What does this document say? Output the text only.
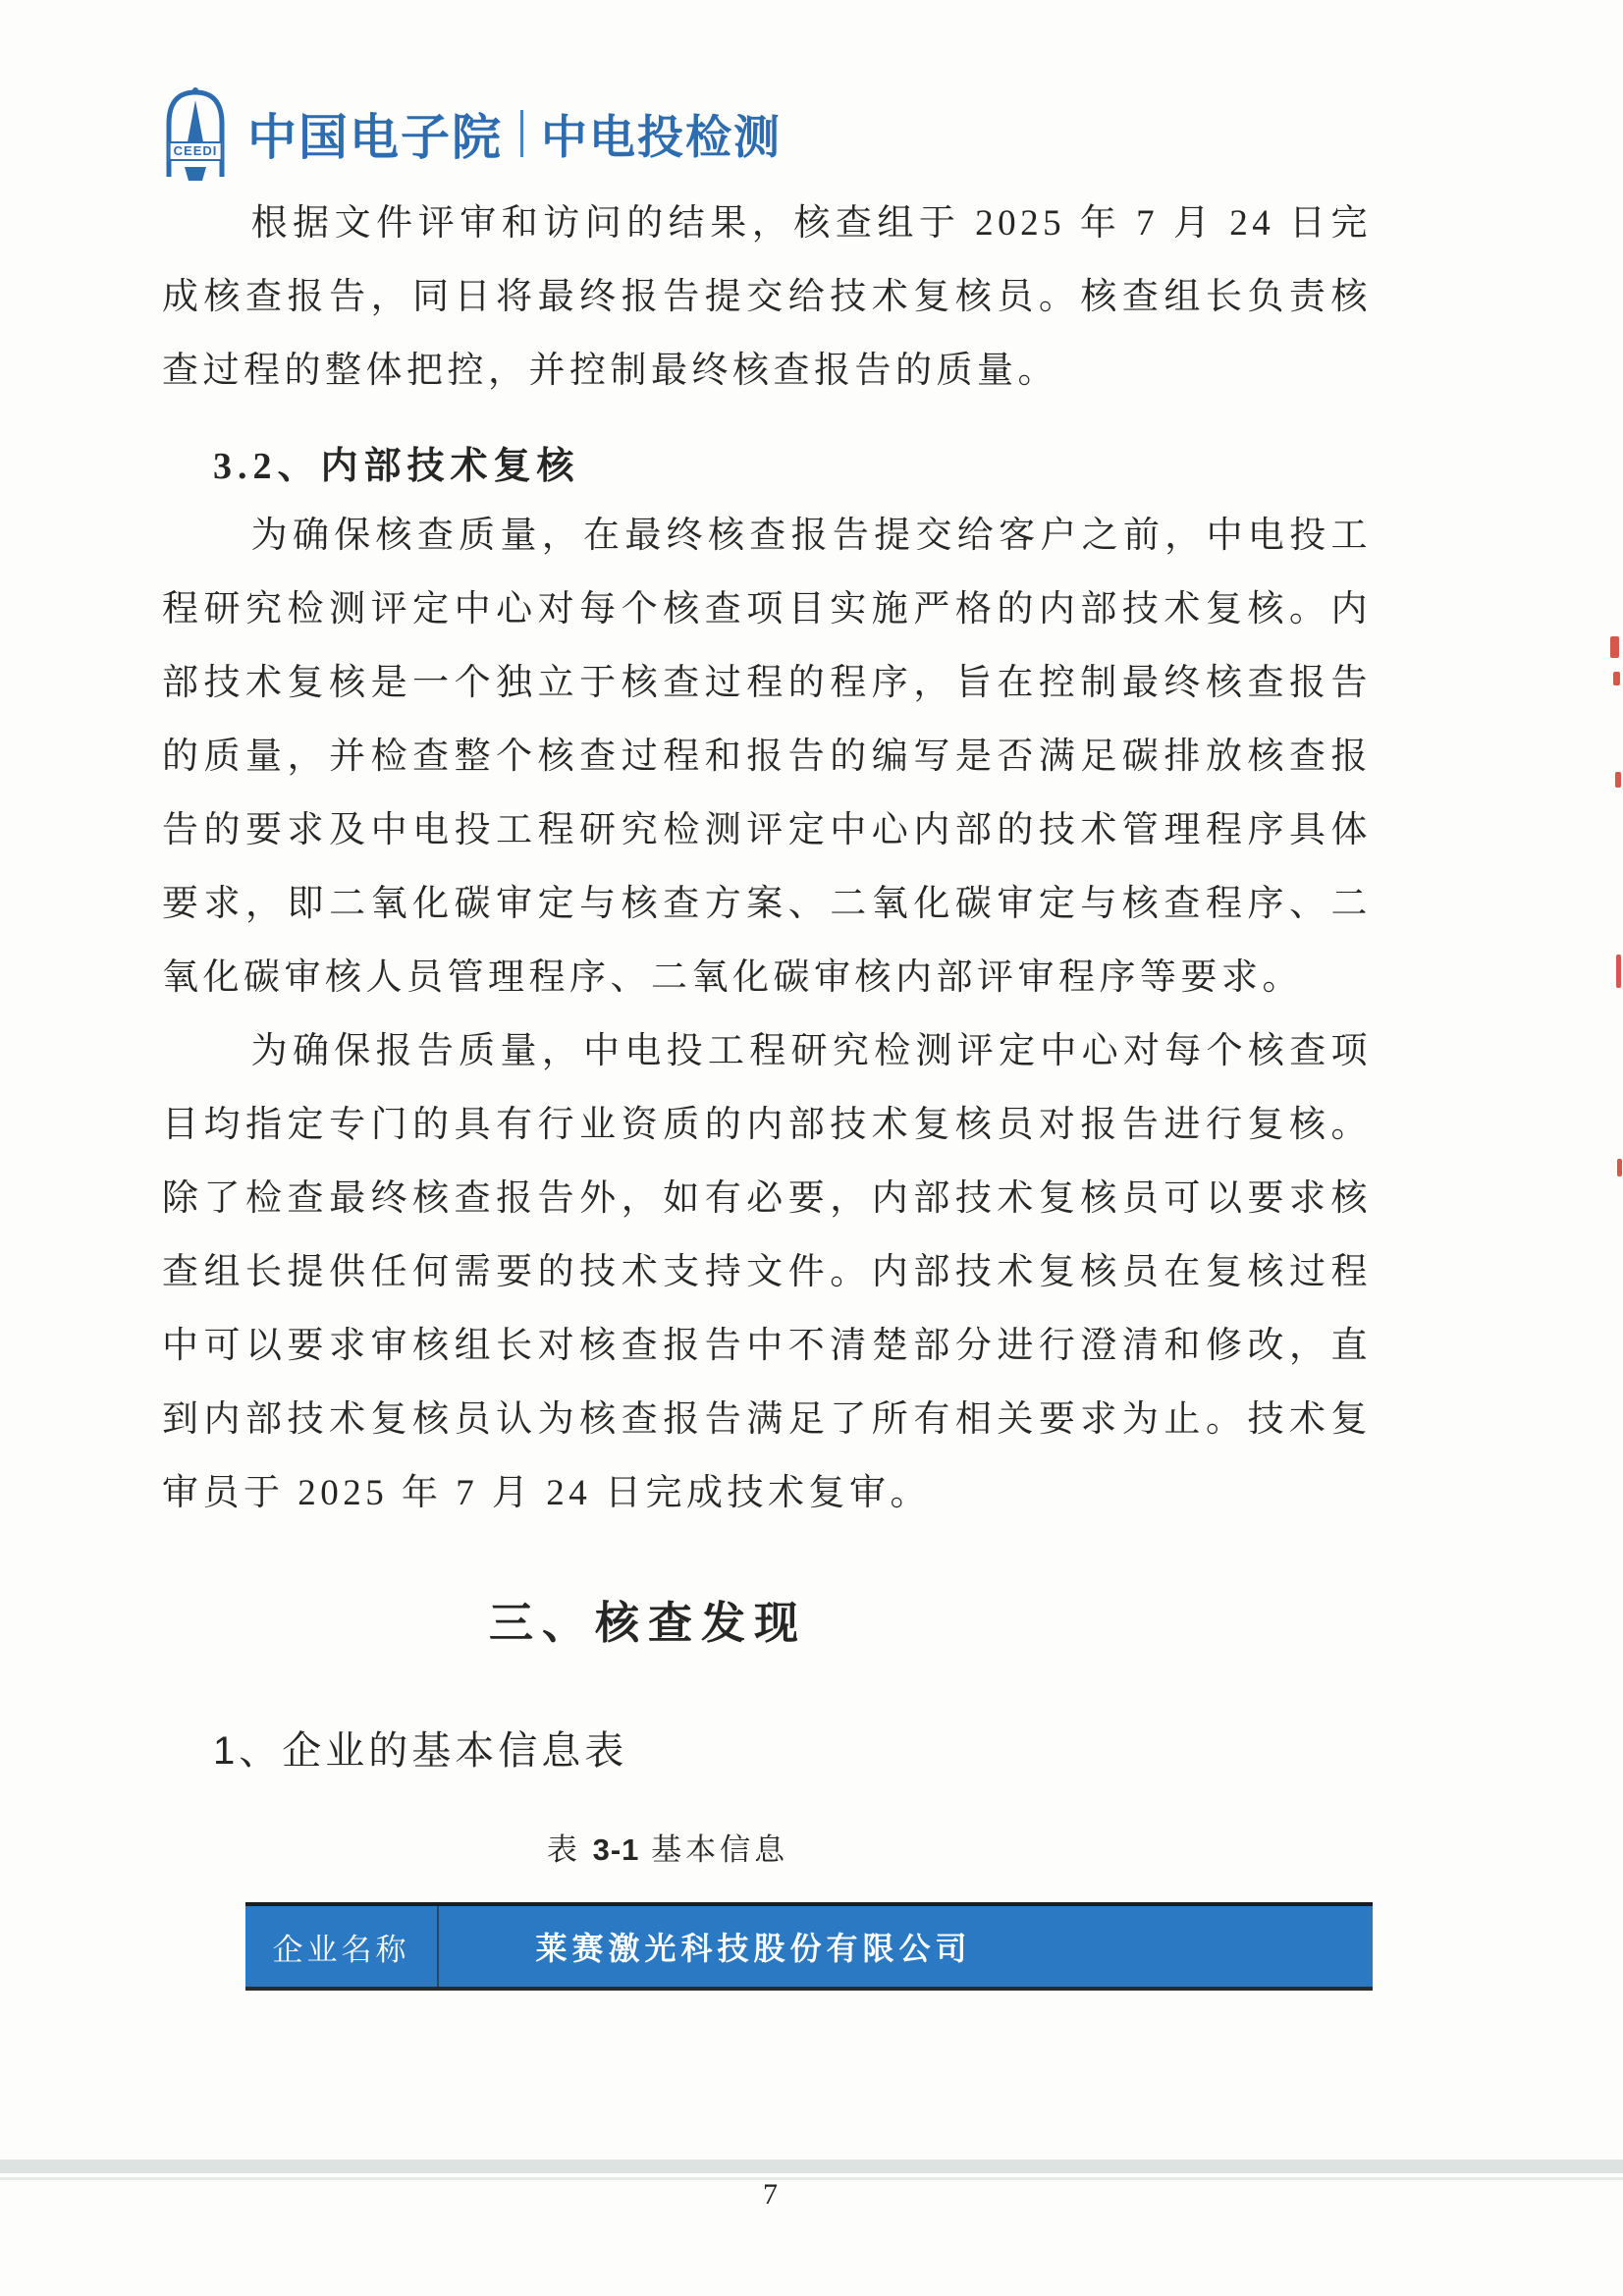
CEEDI 中国电子院 中电投检测

根据文件评审和访问的结果，核查组于 2025 年 7 月 24 日完成核查报告，同日将最终报告提交给技术复核员。核查组长负责核查过程的整体把控，并控制最终核查报告的质量。

3.2、内部技术复核

为确保核查质量，在最终核查报告提交给客户之前，中电投工程研究检测评定中心对每个核查项目实施严格的内部技术复核。内部技术复核是一个独立于核查过程的程序，旨在控制最终核查报告的质量，并检查整个核查过程和报告的编写是否满足碳排放核查报告的要求及中电投工程研究检测评定中心内部的技术管理程序具体要求，即二氧化碳审定与核查方案、二氧化碳审定与核查程序、二氧化碳审核人员管理程序、二氧化碳审核内部评审程序等要求。

为确保报告质量，中电投工程研究检测评定中心对每个核查项目均指定专门的具有行业资质的内部技术复核员对报告进行复核。除了检查最终核查报告外，如有必要，内部技术复核员可以要求核查组长提供任何需要的技术支持文件。内部技术复核员在复核过程中可以要求审核组长对核查报告中不清楚部分进行澄清和修改，直到内部技术复核员认为核查报告满足了所有相关要求为止。技术复审员于 2025 年 7 月 24 日完成技术复审。

三、核查发现
1、企业的基本信息表
表 3-1 基本信息
企业名称	莱赛激光科技股份有限公司
7
